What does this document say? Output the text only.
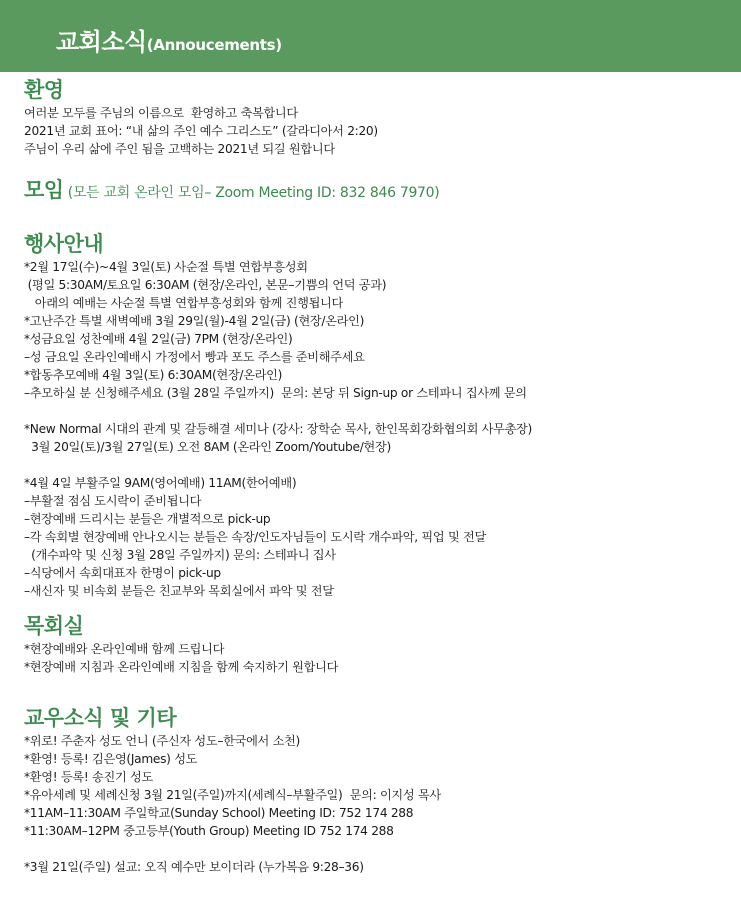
교회소식(Annoucements)
환영
여러분 모두를 주님의 이름으로  환영하고 축복합니다
2021년 교회 표어: “내 삶의 주인 예수 그리스도” (갈라디아서 2:20)
주님이 우리 삶에 주인 됨을 고백하는 2021년 되길 원합니다
모임 (모든 교회 온라인 모임– Zoom Meeting ID: 832 846 7970)
행사안내
*2월 17일(수)~4월 3일(토) 사순절 특별 연합부흥성회
(평일 5:30AM/토요일 6:30AM (현장/온라인, 본문–기쁨의 언덕 공과)
아래의 예배는 사순절 특별 연합부흥성회와 함께 진행됩니다
*고난주간 특별 새벽예배 3월 29일(월)-4월 2일(금) (현장/온라인)
*성금요일 성찬예배 4월 2일(금) 7PM (현장/온라인)
–성 금요일 온라인예배시 가정에서 빵과 포도 주스를 준비해주세요
*합동추모예배 4월 3일(토) 6:30AM(현장/온라인)
–추모하실 분 신청해주세요 (3월 28일 주일까지)  문의: 본당 뒤 Sign-up or 스테파니 집사께 문의
*New Normal 시대의 관계 및 갈등해결 세미나 (강사: 장학순 목사, 한인목회강화협의회 사무총장)
3월 20일(토)/3월 27일(토) 오전 8AM (온라인 Zoom/Youtube/현장)
*4월 4일 부활주일 9AM(영어예배) 11AM(한어예배)
–부활절 점심 도시락이 준비됩니다
–현장예배 드리시는 분들은 개별적으로 pick-up
–각 속회별 현장예배 안나오시는 분들은 속장/인도자님들이 도시락 개수파악, 픽업 및 전달
(개수파악 및 신청 3월 28일 주일까지) 문의: 스테파니 집사
–식당에서 속회대표자 한명이 pick-up
–새신자 및 비속회 분들은 친교부와 목회실에서 파악 및 전달
목회실
*현장예배와 온라인예배 함께 드립니다
*현장예배 지침과 온라인예배 지침을 함께 숙지하기 원합니다
교우소식 및 기타
*위로! 주춘자 성도 언니 (주신자 성도–한국에서 소천)
*환영! 등록! 김은영(James) 성도
*환영! 등록! 송진기 성도
*유아세례 및 세례신청 3월 21일(주일)까지(세례식–부활주일)  문의: 이지성 목사
*11AM–11:30AM 주일학교(Sunday School) Meeting ID: 752 174 288
*11:30AM–12PM 중고등부(Youth Group) Meeting ID 752 174 288
*3월 21일(주일) 설교: 오직 예수만 보이더라 (누가복음 9:28–36)
